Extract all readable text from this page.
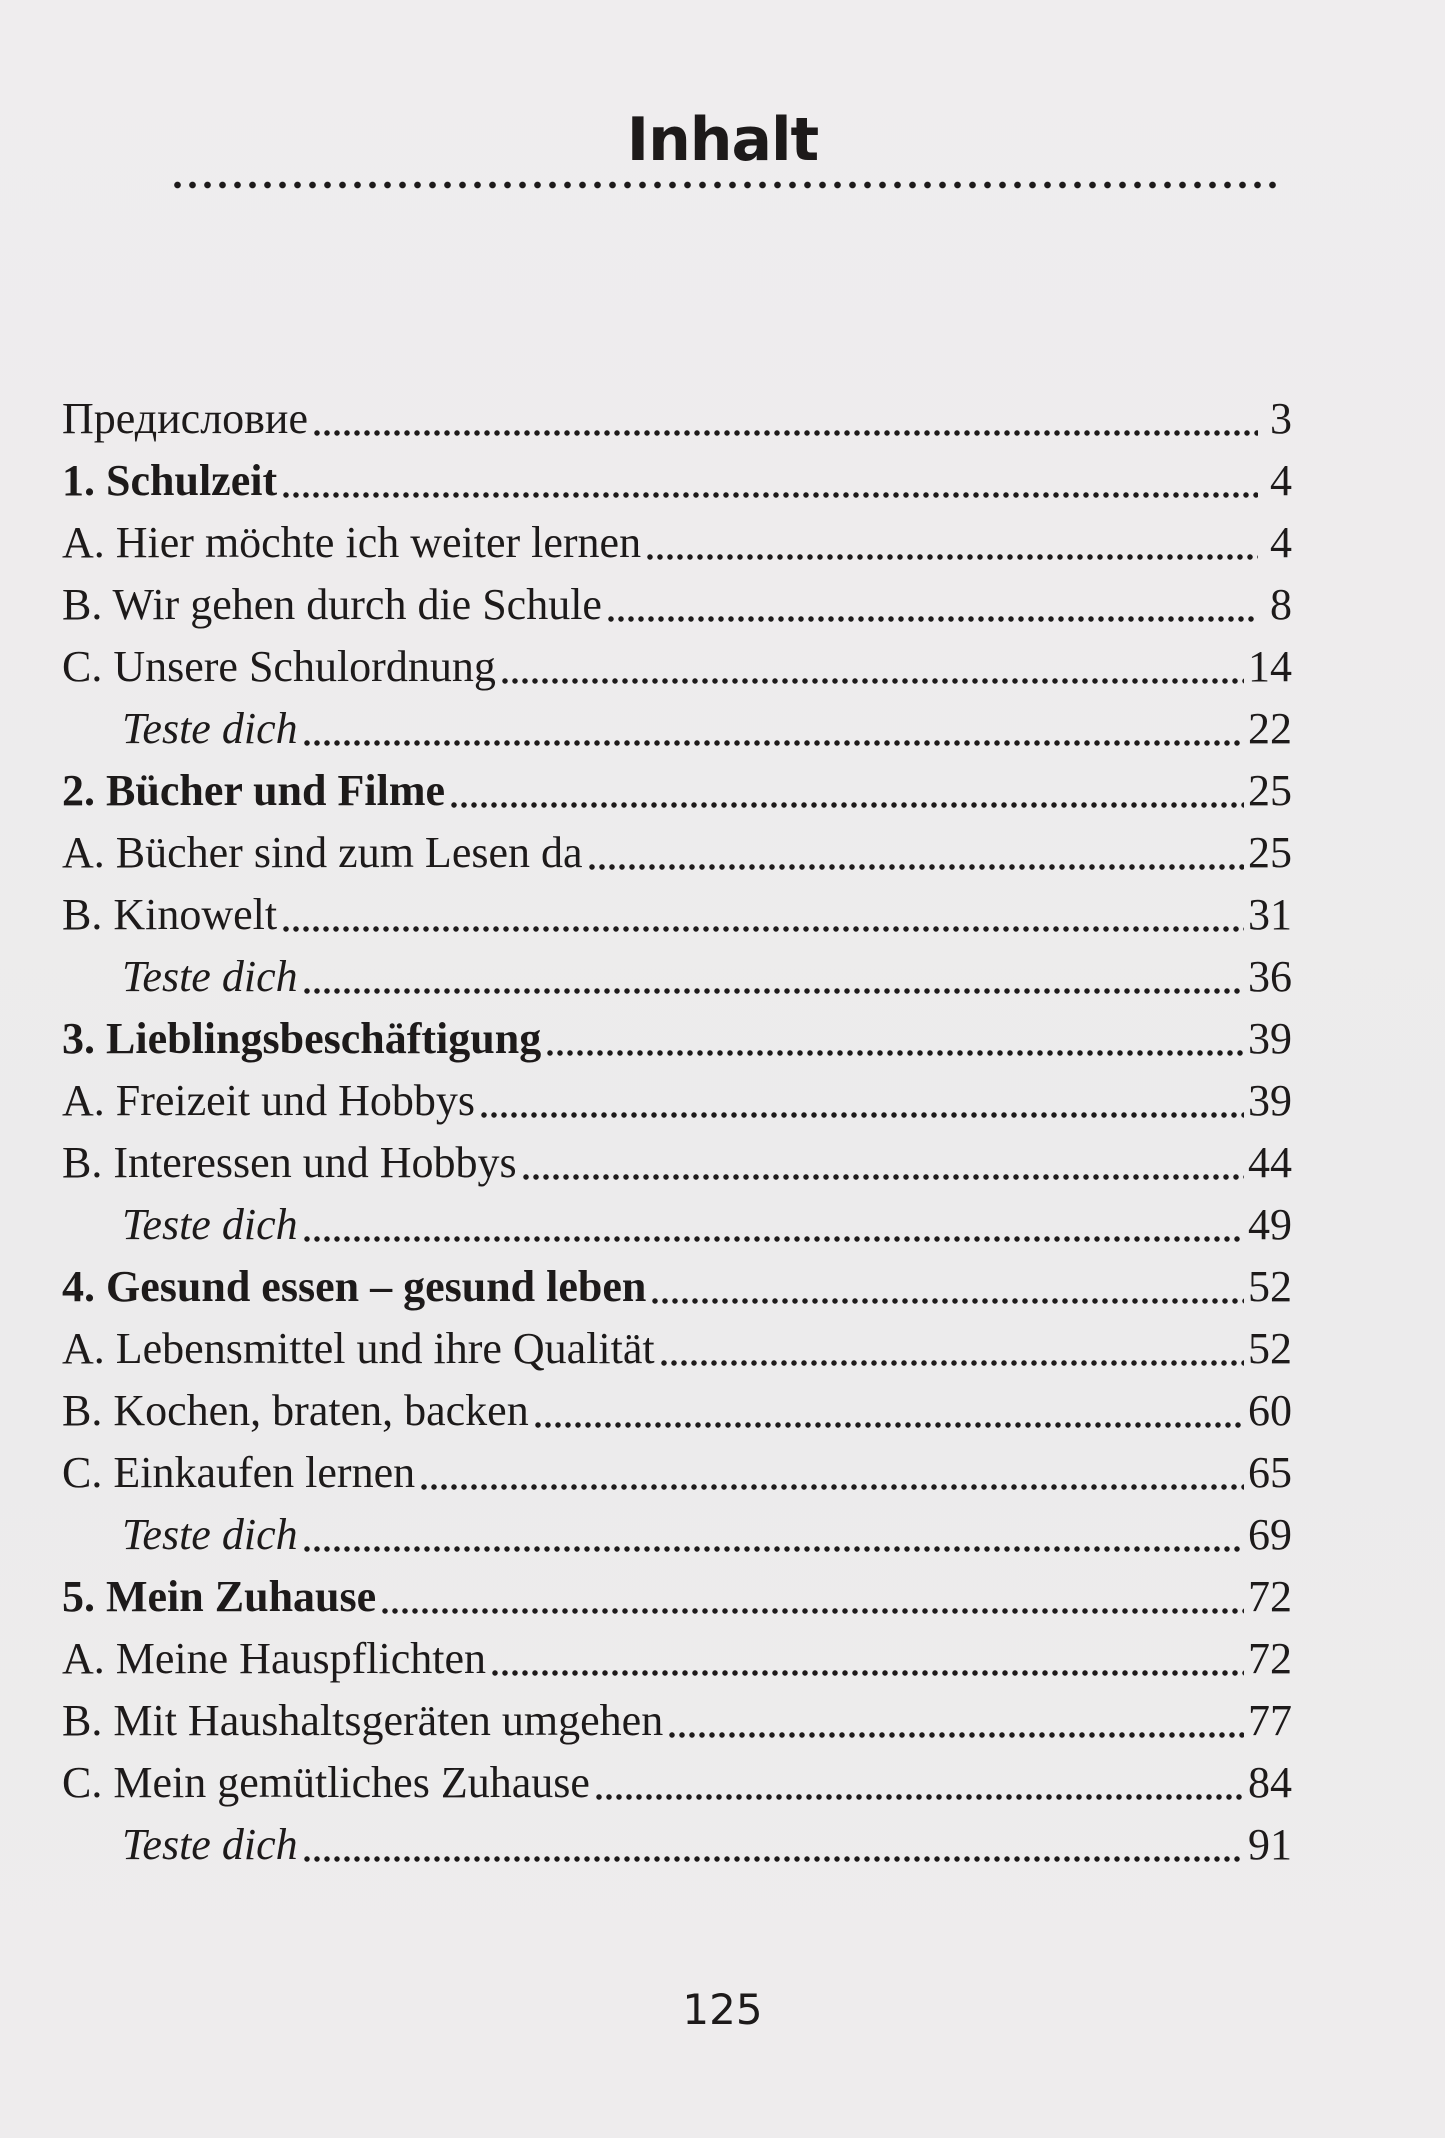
Inhalt
Предисловие	3
1. Schulzeit	4
A. Hier möchte ich weiter lernen	4
B. Wir gehen durch die Schule	8
C. Unsere Schulordnung	14
Teste dich	22
2. Bücher und Filme	25
A. Bücher sind zum Lesen da	25
B. Kinowelt	31
Teste dich	36
3. Lieblingsbeschäftigung	39
A. Freizeit und Hobbys	39
B. Interessen und Hobbys	44
Teste dich	49
4. Gesund essen – gesund leben	52
A. Lebensmittel und ihre Qualität	52
B. Kochen, braten, backen	60
C. Einkaufen lernen	65
Teste dich	69
5. Mein Zuhause	72
A. Meine Hauspflichten	72
B. Mit Haushaltsgeräten umgehen	77
C. Mein gemütliches Zuhause	84
Teste dich	91
125
